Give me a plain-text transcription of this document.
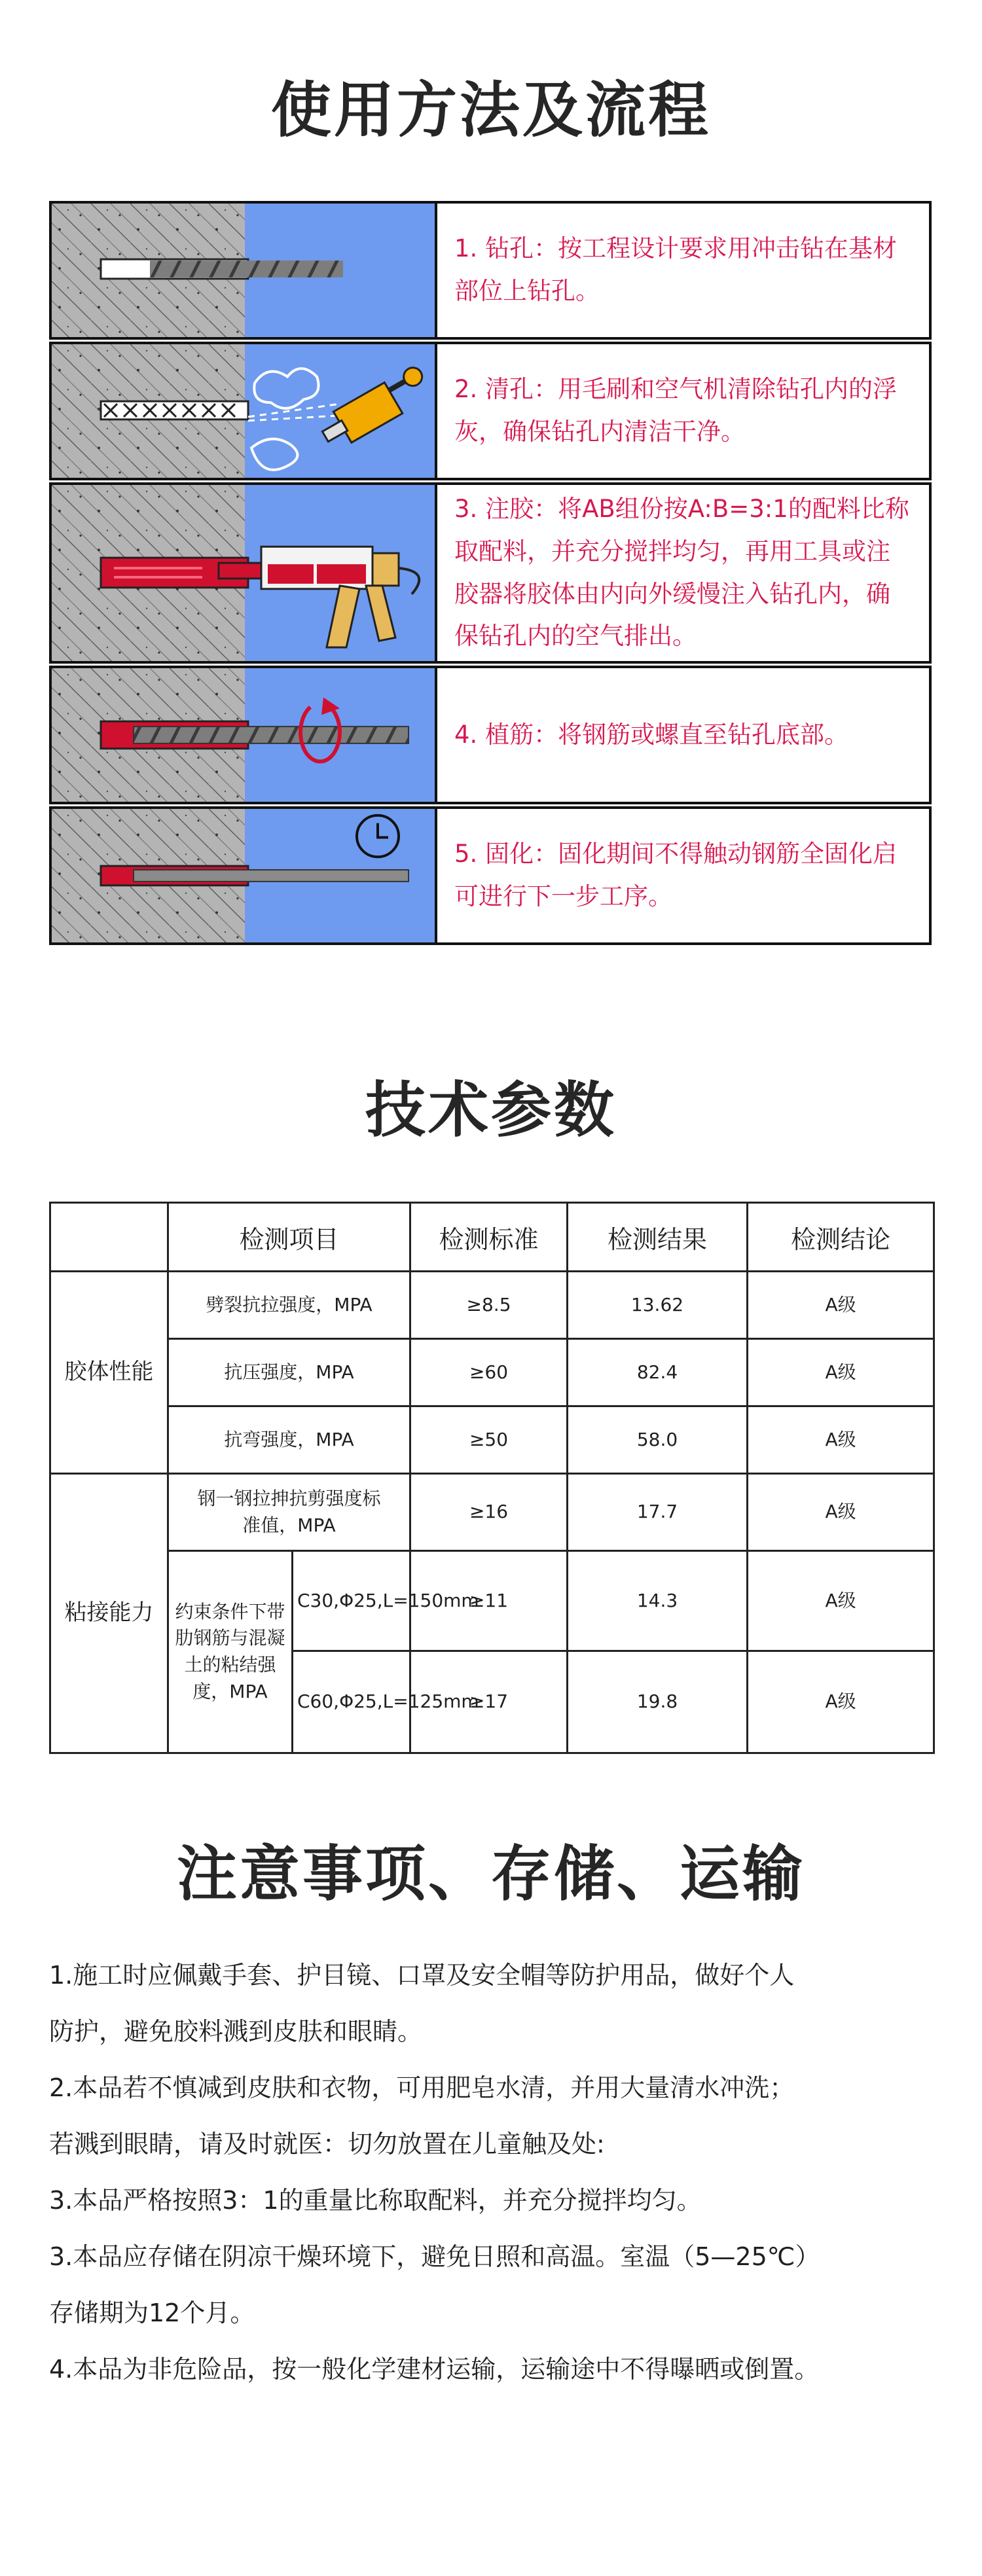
使用方法及流程
1. 钻孔：按工程设计要求用冲击钻在基材部位上钻孔。
2. 清孔：用毛刷和空气机清除钻孔内的浮灰，确保钻孔内清洁干净。
3. 注胶：将AB组份按A:B=3:1的配料比称取配料，并充分搅拌均匀，再用工具或注胶器将胶体由内向外缓慢注入钻孔内，确保钻孔内的空气排出。
4. 植筋：将钢筋或螺直至钻孔底部。
5. 固化：固化期间不得触动钢筋全固化启可进行下一步工序。
技术参数
	检测项目		检测标准	检测结果	检测结论
胶体性能	劈裂抗拉强度，MPA		≥8.5	13.62	A级
	抗压强度，MPA		≥60	82.4	A级
	抗弯强度，MPA		≥50	58.0	A级
粘接能力	钢一钢拉抻抗剪强度标准值，MPA		≥16	17.7	A级
	约束条件下带肋钢筋与混凝土的粘结强度，MPA	C30,Φ25,L=150mm	≥11	14.3	A级
		C60,Φ25,L=125mm	≥17	19.8	A级
注意事项、存储、运输

1.施工时应佩戴手套、护目镜、口罩及安全帽等防护用品，做好个人

防护，避免胶料溅到皮肤和眼睛。

2.本品若不慎减到皮肤和衣物，可用肥皂水清，并用大量清水冲洗；

若溅到眼睛，请及时就医：切勿放置在儿童触及处:

3.本品严格按照3：1的重量比称取配料，并充分搅拌均匀。

3.本品应存储在阴凉干燥环境下，避免日照和高温。室温（5—25℃）

存储期为12个月。

4.本品为非危险品，按一般化学建材运输，运输途中不得曝晒或倒置。
